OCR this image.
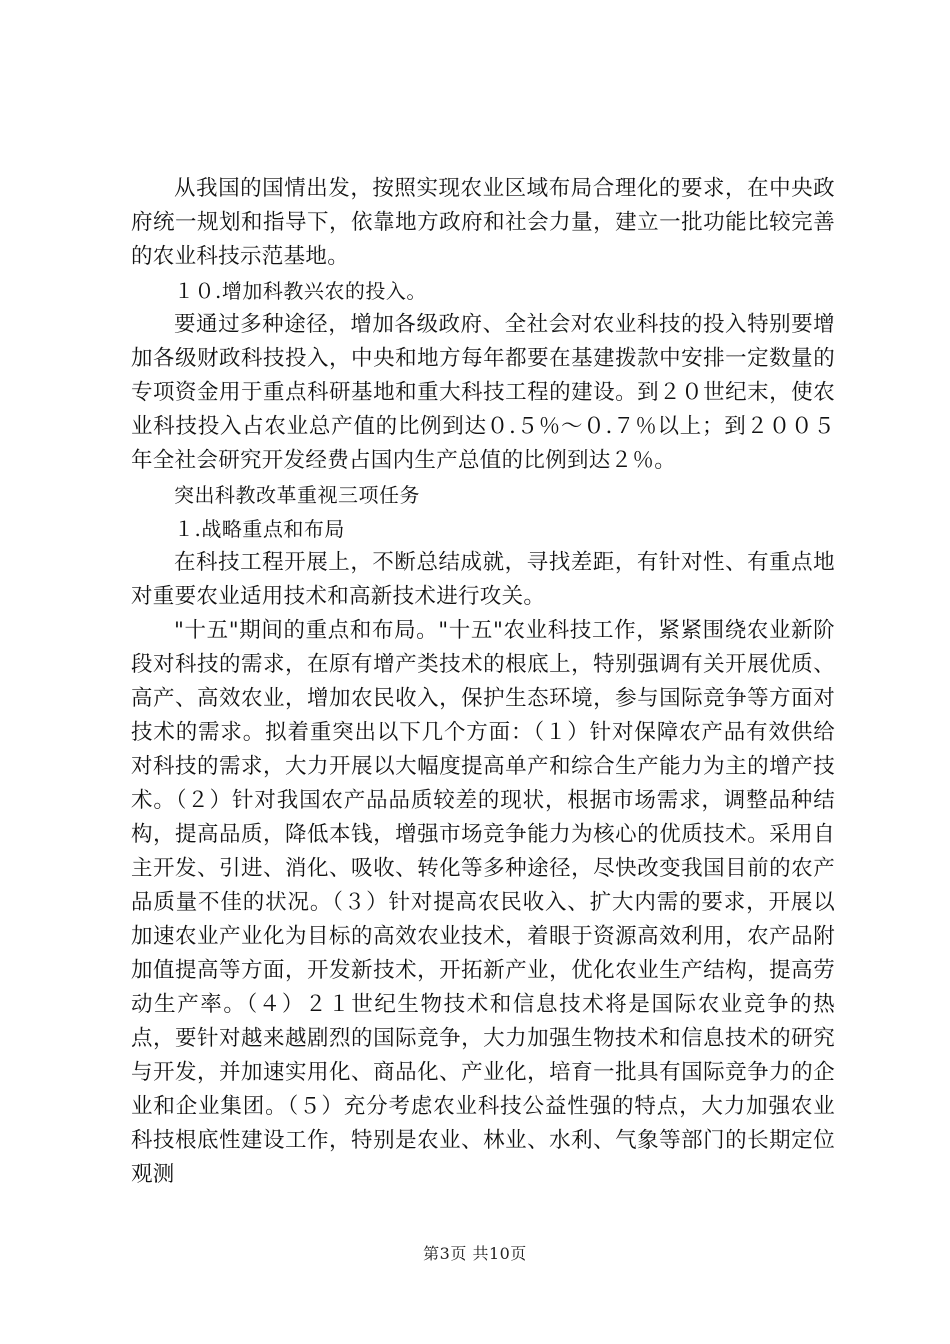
从我国的国情出发，按照实现农业区域布局合理化的要求，在中央政府统一规划和指导下，依靠地方政府和社会力量，建立一批功能比较完善的农业科技示范基地。

１０.增加科教兴农的投入。

要通过多种途径，增加各级政府、全社会对农业科技的投入特别要增加各级财政科技投入，中央和地方每年都要在基建拨款中安排一定数量的专项资金用于重点科研基地和重大科技工程的建设。到２０世纪末，使农业科技投入占农业总产值的比例到达０.５％～０.７％以上；到２００５年全社会研究开发经费占国内生产总值的比例到达２％。

突出科教改革重视三项任务

１.战略重点和布局

在科技工程开展上，不断总结成就，寻找差距，有针对性、有重点地对重要农业适用技术和高新技术进行攻关。

"十五"期间的重点和布局。"十五"农业科技工作，紧紧围绕农业新阶段对科技的需求，在原有增产类技术的根底上，特别强调有关开展优质、高产、高效农业，增加农民收入，保护生态环境，参与国际竞争等方面对技术的需求。拟着重突出以下几个方面：（１）针对保障农产品有效供给对科技的需求，大力开展以大幅度提高单产和综合生产能力为主的增产技术。（２）针对我国农产品品质较差的现状，根据市场需求，调整品种结构，提高品质，降低本钱，增强市场竞争能力为核心的优质技术。采用自主开发、引进、消化、吸收、转化等多种途径，尽快改变我国目前的农产品质量不佳的状况。（３）针对提高农民收入、扩大内需的要求，开展以加速农业产业化为目标的高效农业技术，着眼于资源高效利用，农产品附加值提高等方面，开发新技术，开拓新产业，优化农业生产结构，提高劳动生产率。（４）２１世纪生物技术和信息技术将是国际农业竞争的热点，要针对越来越剧烈的国际竞争，大力加强生物技术和信息技术的研究与开发，并加速实用化、商品化、产业化，培育一批具有国际竞争力的企业和企业集团。（５）充分考虑农业科技公益性强的特点，大力加强农业科技根底性建设工作，特别是农业、林业、水利、气象等部门的长期定位观测

第3页 共10页
